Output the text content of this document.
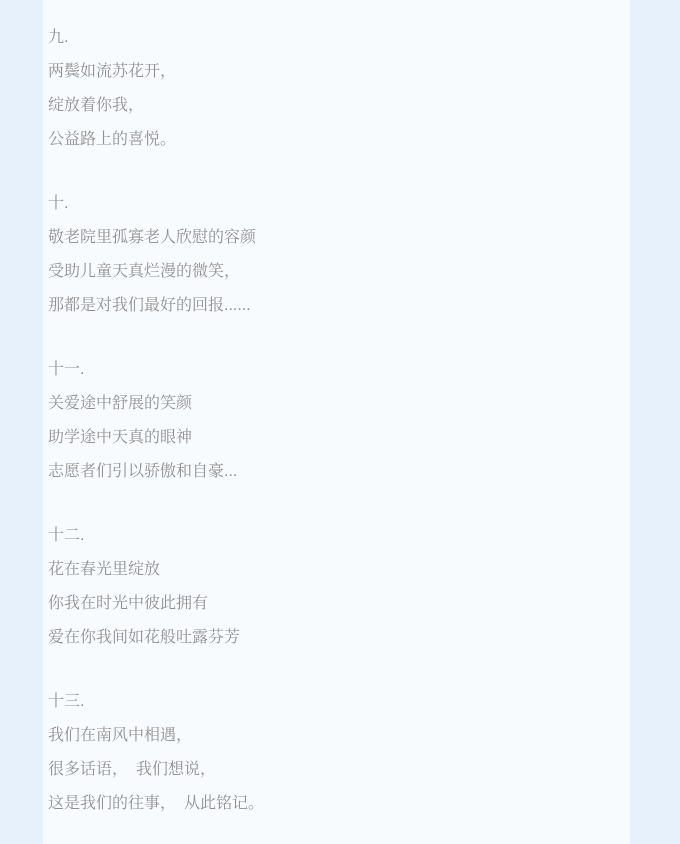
九.

两鬓如流苏花开，

绽放着你我，

公益路上的喜悦。

十.

敬老院里孤寡老人欣慰的容颜

受助儿童天真烂漫的微笑，

那都是对我们最好的回报......

十一.

关爱途中舒展的笑颜

助学途中天真的眼神

志愿者们引以骄傲和自豪...

十二.

花在春光里绽放

你我在时光中彼此拥有

爱在你我间如花般吐露芬芳

十三.

我们在南风中相遇，

很多话语，　我们想说，

这是我们的往事，　从此铭记。
